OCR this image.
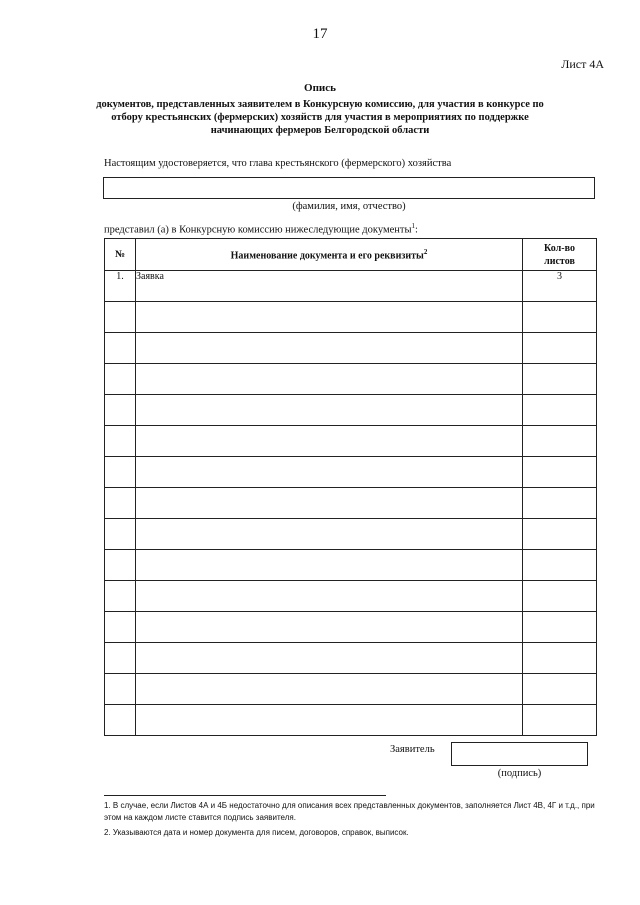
17
Лист 4А
Опись
документов, представленных заявителем в Конкурсную комиссию, для участия в конкурсе по
отбору крестьянских (фермерских) хозяйств для участия в мероприятиях по поддержке
начинающих фермеров Белгородской области
Настоящим удостоверяется, что глава крестьянского (фермерского) хозяйства
(фамилия, имя, отчество)
представил (а) в Конкурсную комиссию нижеследующие документы$^1$:
№	Наименование документа и его реквизиты$^2$	Кол-во
листов
1.	Заявка	3

Заявитель
(подпись)

1. В случае, если Листов 4А и 4Б недостаточно для описания всех представленных документов, заполняется Лист 4В, 4Г и т.д., при этом на каждом листе ставится подпись заявителя.

2. Указываются дата и номер документа для писем, договоров, справок, выписок.
